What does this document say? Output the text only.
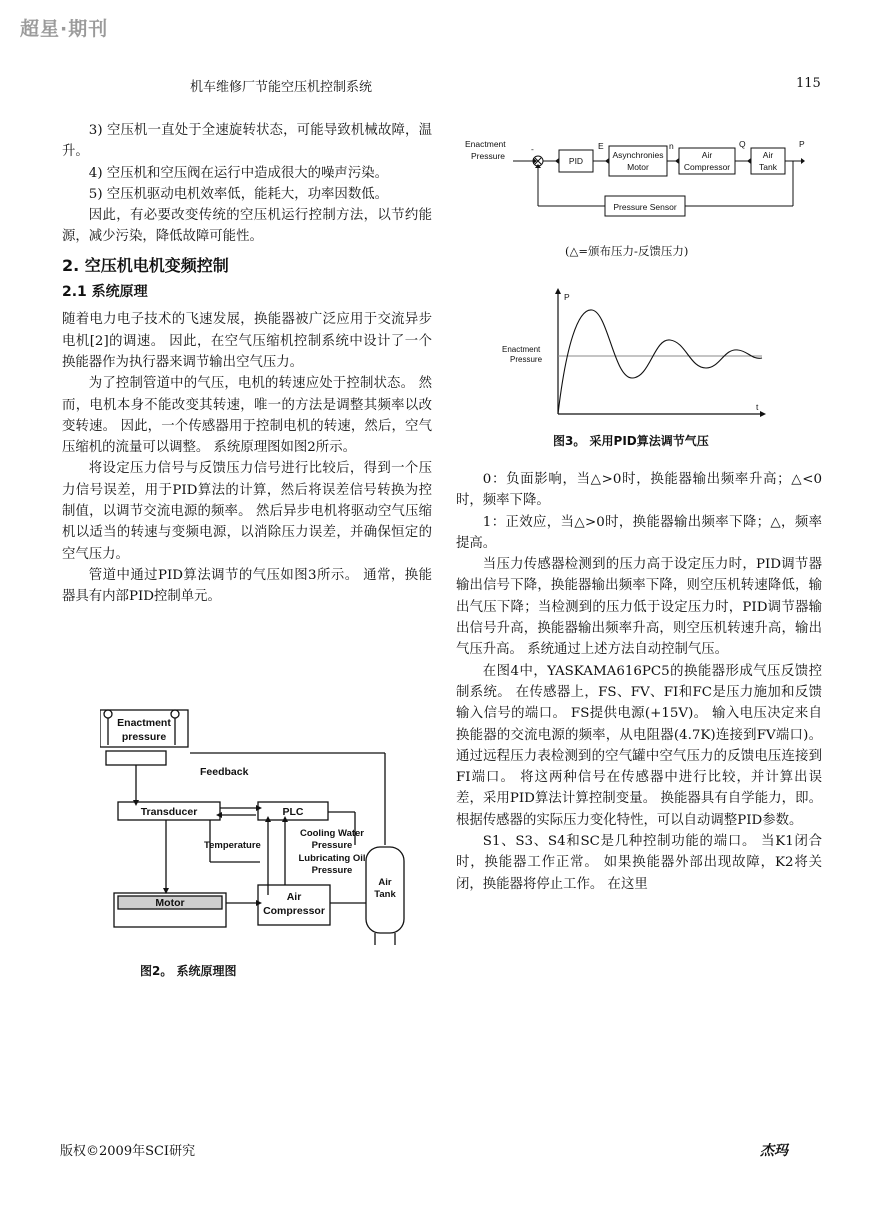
超星·期刊
机车维修厂节能空压机控制系统	115

3) 空压机一直处于全速旋转状态，可能导致机械故障，温升。

4) 空压机和空压阀在运行中造成很大的噪声污染。

5) 空压机驱动电机效率低，能耗大，功率因数低。

因此，有必要改变传统的空压机运行控制方法，以节约能源，减少污染，降低故障可能性。

2. 空压机电机变频控制
2.1 系统原理

随着电力电子技术的飞速发展，换能器被广泛应用于交流异步电机[2]的调速。 因此，在空气压缩机控制系统中设计了一个换能器作为执行器来调节输出空气压力。

为了控制管道中的气压，电机的转速应处于控制状态。 然而，电机本身不能改变其转速，唯一的方法是调整其频率以改变转速。 因此，一个传感器用于控制电机的转速，然后，空气压缩机的流量可以调整。 系统原理图如图2所示。

将设定压力信号与反馈压力信号进行比较后，得到一个压力信号误差，用于PID算法的计算，然后将误差信号转换为控制值，以调节交流电源的频率。 然后异步电机将驱动空气压缩机以适当的转速与变频电源，以消除压力误差，并确保恒定的空气压力。

管道中通过PID算法调节的气压如图3所示。 通常，换能器具有内部PID控制单元。

Enactment
pressure
Feedback
Transducer	PLC
Temperature
Cooling Water
Pressure
Lubricating Oil
Pressure
Motor	Air
Compressor
Air
Tank
图2。 系统原理图
Enactment
Pressure
-	E	n	Q	P
PID
Asynchronies
Motor
Air
Compressor
Air
Tank
Pressure Sensor
(△=颁布压力-反馈压力)
P
t
Enactment
Pressure
图3。 采用PID算法调节气压

0：负面影响，当△>0时，换能器输出频率升高；△<0时，频率下降。

1：正效应，当△>0时，换能器输出频率下降；△，频率提高。

当压力传感器检测到的压力高于设定压力时，PID调节器输出信号下降，换能器输出频率下降，则空压机转速降低，输出气压下降；当检测到的压力低于设定压力时，PID调节器输出信号升高，换能器输出频率升高，则空压机转速升高，输出气压升高。 系统通过上述方法自动控制气压。

在图4中，YASKAMA616PC5的换能器形成气压反馈控制系统。 在传感器上，FS、FV、FI和FC是压力施加和反馈输入信号的端口。 FS提供电源(+15V)。 输入电压决定来自换能器的交流电源的频率，从电阻器(4.7K)连接到FV端口)。 通过远程压力表检测到的空气罐中空气压力的反馈电压连接到FI端口。 将这两种信号在传感器中进行比较，并计算出误差，采用PID算法计算控制变量。 换能器具有自学能力，即。根据传感器的实际压力变化特性，可以自动调整PID参数。

S1、S3、S4和SC是几种控制功能的端口。 当K1闭合时，换能器工作正常。 如果换能器外部出现故障，K2将关闭，换能器将停止工作。 在这里

版权©2009年SCI研究	杰玛
